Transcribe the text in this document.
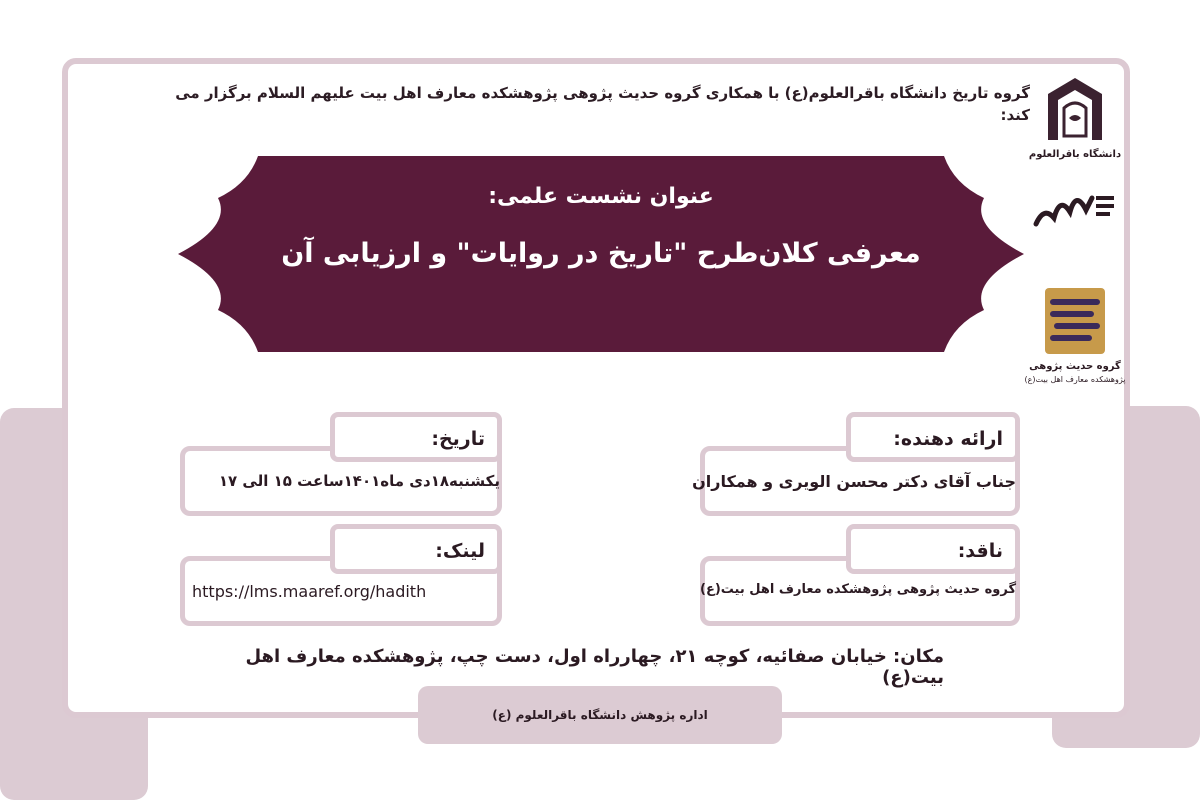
گروه تاریخ دانشگاه باقرالعلوم(ع) با همکاری گروه حدیث پژوهی پژوهشکده معارف اهل بیت علیهم السلام برگزار می کند:
دانشگاه باقرالعلوم
گروه حدیث پژوهی
پژوهشکده معارف اهل بیت(ع)
عنوان نشست علمی:
معرفی کلان‌طرح "تاریخ در روایات" و ارزیابی آن
ارائه دهنده:
جناب آقای دکتر محسن الویری و همکاران
ناقد:
گروه حدیث پژوهی پژوهشکده معارف اهل بیت(ع)
تاریخ:
یکشنبه۱۸دی ماه۱۴۰۱ساعت ۱۵ الی ۱۷
لینک:
https://lms.maaref.org/hadith
مکان: خیابان صفائیه، کوچه ۲۱، چهارراه اول، دست چپ، پژوهشکده معارف اهل بیت(ع)
اداره پژوهش دانشگاه باقرالعلوم (ع)
